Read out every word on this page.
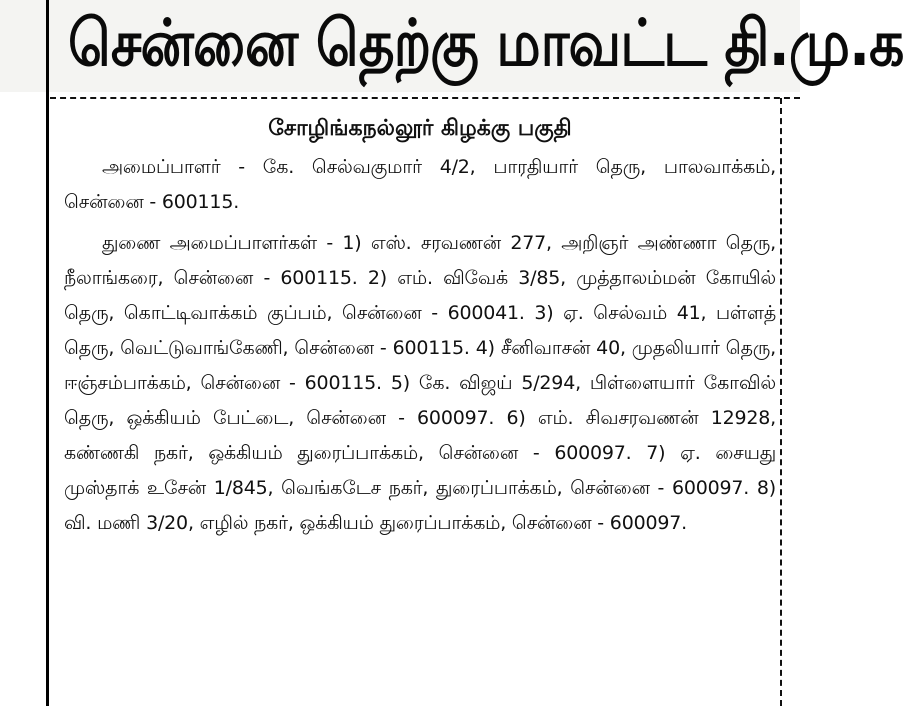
சென்னை தெற்கு மாவட்ட தி.மு.க
சோழிங்கநல்லூர் கிழக்கு பகுதி

அமைப்பாளர் - கே. செல்வகுமார் 4/2, பாரதியார் தெரு, பாலவாக்கம், சென்னை - 600115.

துணை அமைப்பாளர்கள் - 1) எஸ். சரவணன் 277, அறிஞர் அண்ணா தெரு, நீலாங்கரை, சென்னை - 600115. 2) எம். விவேக் 3/85, முத்தாலம்மன் கோயில் தெரு, கொட்டிவாக்கம் குப்பம், சென்னை - 600041. 3) ஏ. செல்வம் 41, பள்ளத் தெரு, வெட்டுவாங்கேணி, சென்னை - 600115. 4) சீனிவாசன் 40, முதலியார் தெரு, ஈஞ்சம்பாக்கம், சென்னை - 600115. 5) கே. விஜய் 5/294, பிள்ளையார் கோவில் தெரு, ஒக்கியம் பேட்டை, சென்னை - 600097. 6) எம். சிவசரவணன் 12928, கண்ணகி நகர், ஒக்கியம் துரைப்பாக்கம், சென்னை - 600097. 7) ஏ. சையது முஸ்தாக் உசேன் 1/845, வெங்கடேச நகர், துரைப்பாக்கம், சென்னை - 600097. 8) வி. மணி 3/20, எழில் நகர், ஒக்கியம் துரைப்பாக்கம், சென்னை - 600097.
